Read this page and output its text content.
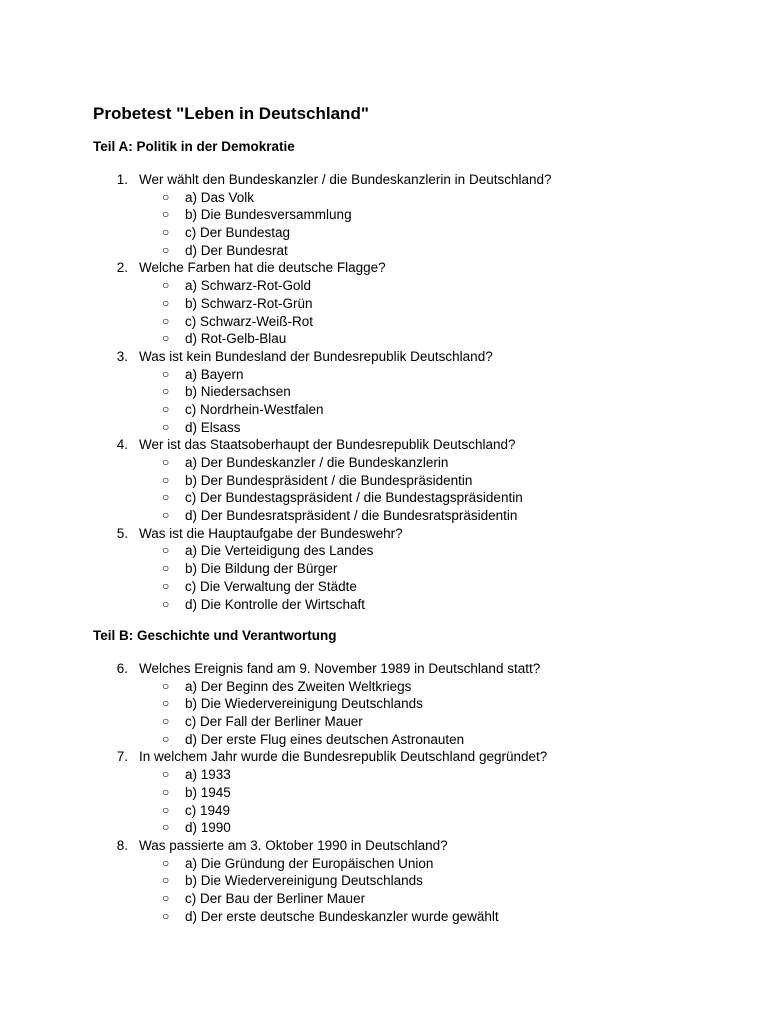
Probetest "Leben in Deutschland"
Teil A: Politik in der Demokratie
1. Wer wählt den Bundeskanzler / die Bundeskanzlerin in Deutschland?
○ a) Das Volk
○ b) Die Bundesversammlung
○ c) Der Bundestag
○ d) Der Bundesrat
2. Welche Farben hat die deutsche Flagge?
○ a) Schwarz-Rot-Gold
○ b) Schwarz-Rot-Grün
○ c) Schwarz-Weiß-Rot
○ d) Rot-Gelb-Blau
3. Was ist kein Bundesland der Bundesrepublik Deutschland?
○ a) Bayern
○ b) Niedersachsen
○ c) Nordrhein-Westfalen
○ d) Elsass
4. Wer ist das Staatsoberhaupt der Bundesrepublik Deutschland?
○ a) Der Bundeskanzler / die Bundeskanzlerin
○ b) Der Bundespräsident / die Bundespräsidentin
○ c) Der Bundestagspräsident / die Bundestagspräsidentin
○ d) Der Bundesratspräsident / die Bundesratspräsidentin
5. Was ist die Hauptaufgabe der Bundeswehr?
○ a) Die Verteidigung des Landes
○ b) Die Bildung der Bürger
○ c) Die Verwaltung der Städte
○ d) Die Kontrolle der Wirtschaft
Teil B: Geschichte und Verantwortung
6. Welches Ereignis fand am 9. November 1989 in Deutschland statt?
○ a) Der Beginn des Zweiten Weltkriegs
○ b) Die Wiedervereinigung Deutschlands
○ c) Der Fall der Berliner Mauer
○ d) Der erste Flug eines deutschen Astronauten
7. In welchem Jahr wurde die Bundesrepublik Deutschland gegründet?
○ a) 1933
○ b) 1945
○ c) 1949
○ d) 1990
8. Was passierte am 3. Oktober 1990 in Deutschland?
○ a) Die Gründung der Europäischen Union
○ b) Die Wiedervereinigung Deutschlands
○ c) Der Bau der Berliner Mauer
○ d) Der erste deutsche Bundeskanzler wurde gewählt
